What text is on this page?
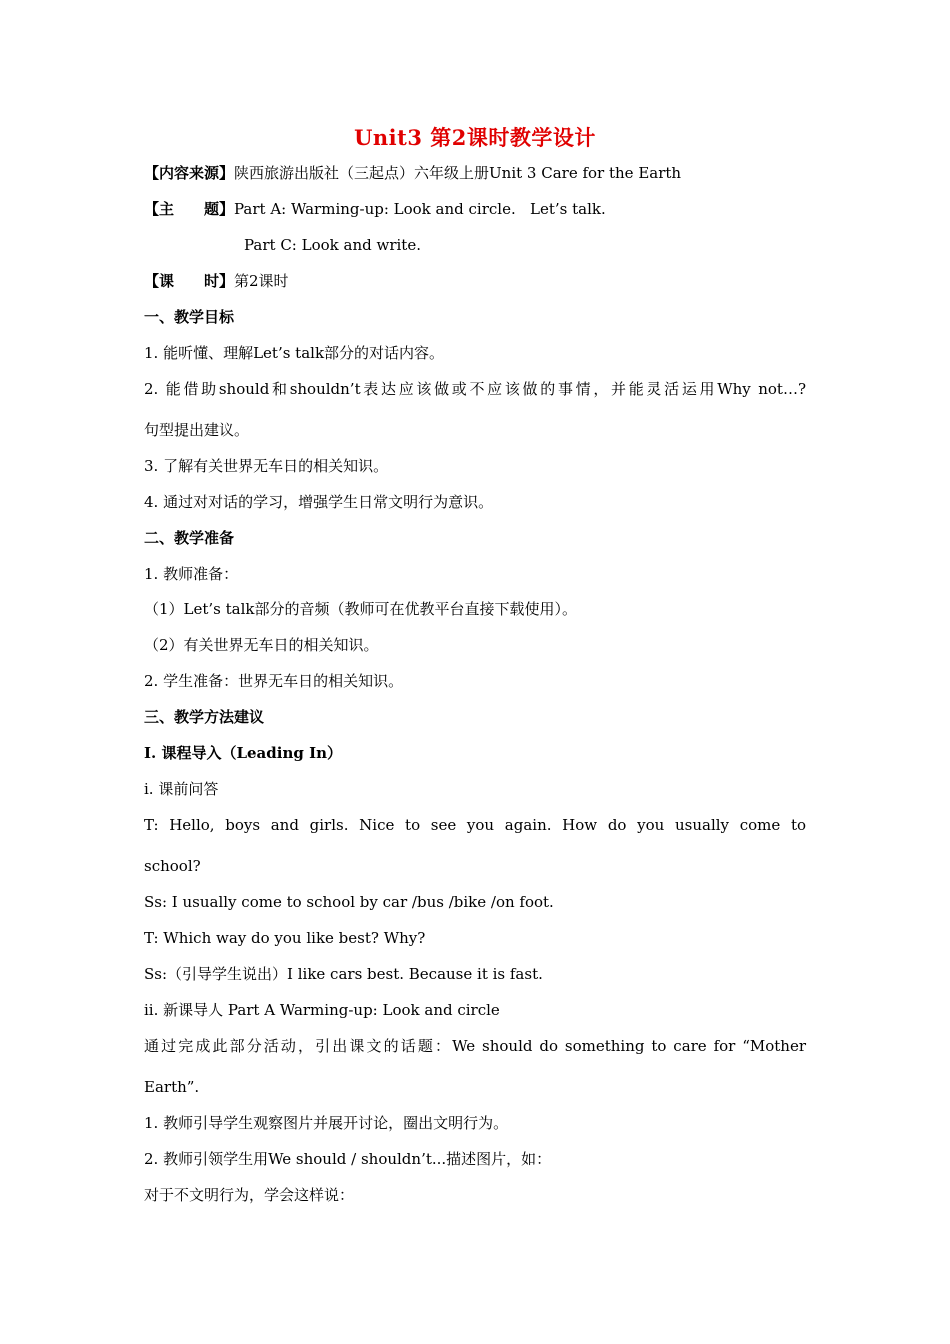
Unit3 第2课时教学设计
【内容来源】陕西旅游出版社（三起点）六年级上册Unit 3 Care for the Earth
【主　　题】Part A: Warming-up: Look and circle.   Let’s talk.
Part C: Look and write.
【课　　时】第2课时
一、教学目标
1. 能听懂、理解Let’s talk部分的对话内容。
2. 能借助should和shouldn’t表达应该做或不应该做的事情，并能灵活运用Why not…?
句型提出建议。
3. 了解有关世界无车日的相关知识。
4. 通过对对话的学习，增强学生日常文明行为意识。
二、教学准备
1. 教师准备：
（1）Let’s talk部分的音频（教师可在优教平台直接下载使用）。
（2）有关世界无车日的相关知识。
2. 学生准备：世界无车日的相关知识。
三、教学方法建议
I. 课程导入（Leading In）
i. 课前问答
T: Hello, boys and girls. Nice to see you again. How do you usually come to
school?
Ss: I usually come to school by car /bus /bike /on foot.
T: Which way do you like best? Why?
Ss:（引导学生说出）I like cars best. Because it is fast.
ii. 新课导人 Part A Warming-up: Look and circle
通过完成此部分活动，引出课文的话题：We should do something to care for “Mother
Earth”.
1. 教师引导学生观察图片并展开讨论，圈出文明行为。
2. 教师引领学生用We should / shouldn’t...描述图片，如：
对于不文明行为，学会这样说：
